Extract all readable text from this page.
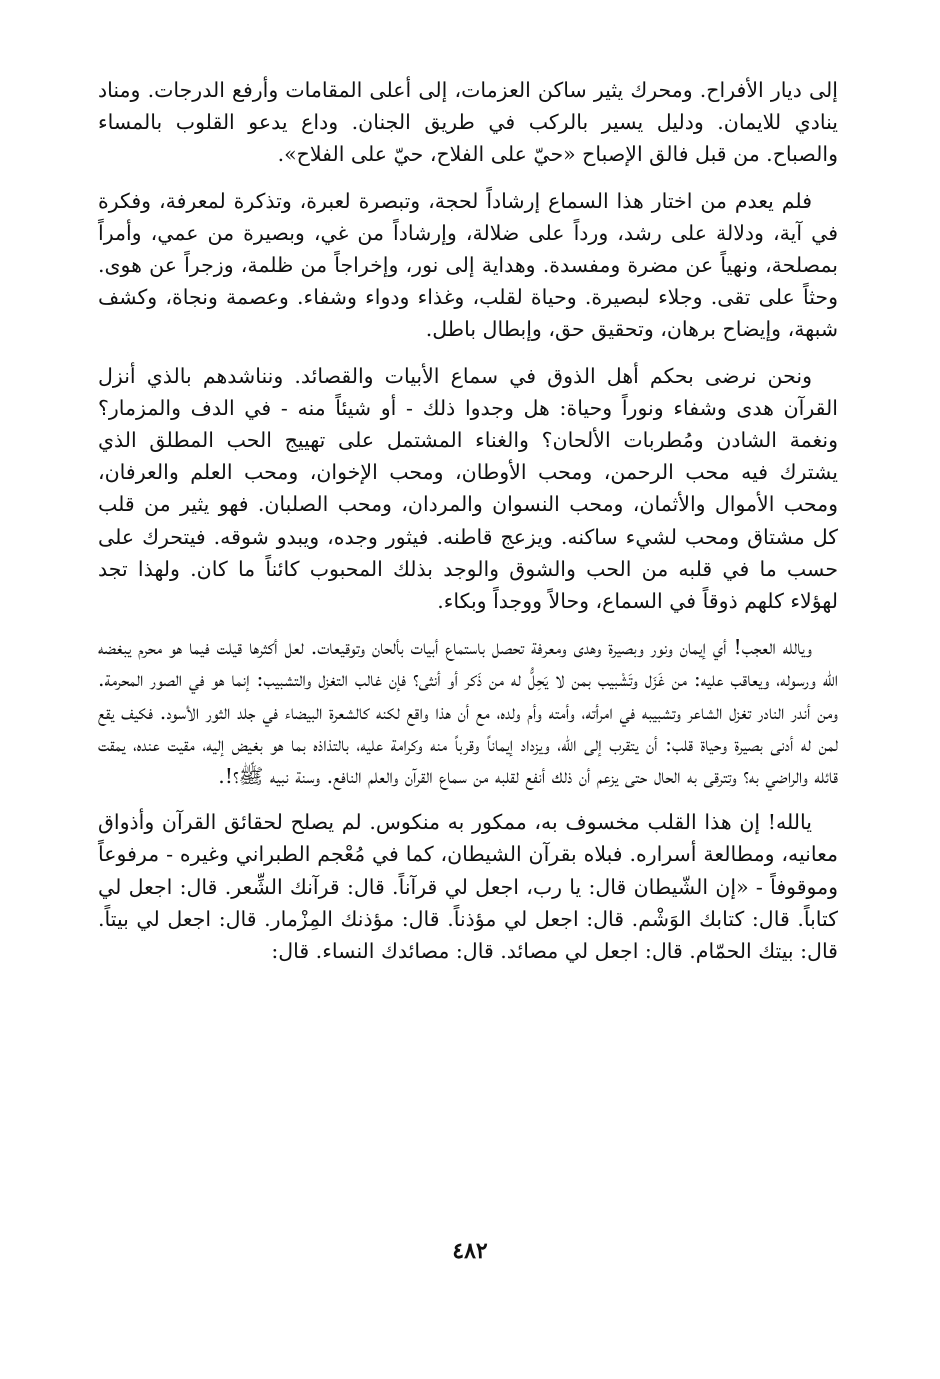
إلى ديار الأفراح. ومحرك يثير ساكن العزمات، إلى أعلى المقامات وأرفع الدرجات. ومناد ينادي للايمان. ودليل يسير بالركب في طريق الجنان. وداع يدعو القلوب بالمساء والصباح. من قبل فالق الإصباح «حيّ على الفلاح، حيّ على الفلاح».

فلم يعدم من اختار هذا السماع إرشاداً لحجة، وتبصرة لعبرة، وتذكرة لمعرفة، وفكرة في آية، ودلالة على رشد، ورداً على ضلالة، وإرشاداً من غي، وبصيرة من عمي، وأمراً بمصلحة، ونهياً عن مضرة ومفسدة. وهداية إلى نور، وإخراجاً من ظلمة، وزجراً عن هوى. وحثاً على تقى. وجلاء لبصيرة. وحياة لقلب، وغذاء ودواء وشفاء. وعصمة ونجاة، وكشف شبهة، وإيضاح برهان، وتحقيق حق، وإبطال باطل.

ونحن نرضى بحكم أهل الذوق في سماع الأبيات والقصائد. ونناشدهم بالذي أنزل القرآن هدى وشفاء ونوراً وحياة: هل وجدوا ذلك - أو شيئاً منه - في الدف والمزمار؟ ونغمة الشادن ومُطربات الألحان؟ والغناء المشتمل على تهييج الحب المطلق الذي يشترك فيه محب الرحمن، ومحب الأوطان، ومحب الإخوان، ومحب العلم والعرفان، ومحب الأموال والأثمان، ومحب النسوان والمردان، ومحب الصلبان. فهو يثير من قلب كل مشتاق ومحب لشيء ساكنه. ويزعج قاطنه. فيثور وجده، ويبدو شوقه. فيتحرك على حسب ما في قلبه من الحب والشوق والوجد بذلك المحبوب كائناً ما كان. ولهذا تجد لهؤلاء كلهم ذوقاً في السماع، وحالاً ووجداً وبكاء.

ويالله العجب! أي إيمان ونور وبصيرة وهدى ومعرفة تحصل باستماع أبيات بألحان وتوقيعات. لعل أكثرها قيلت فيما هو محرم يبغضه الله ورسوله، ويعاقب عليه: من غَزَل وتَشْبيب بمن لا يَحِلُّ له من ذَكر أو أنثى؟ فإن غالب التغزل والتشبيب: إنما هو في الصور المحرمة. ومن أندر النادر تغزل الشاعر وتشبيبه في امرأته، وأمته وأم ولده، مع أن هذا واقع لكنه كالشعرة البيضاء في جلد الثور الأسود. فكيف يقع لمن له أدنى بصيرة وحياة قلب: أن يتقرب إلى الله، ويزداد إيماناً وقرباً منه وكرامة عليه، بالتذاذه بما هو بغيض إليه، مقيت عنده، يمقت قائله والراضي به؟ وتترقى به الحال حتى يزعم أن ذلك أنفع لقلبه من سماع القرآن والعلم النافع. وسنة نبيه ﷺ؟!.

يالله! إن هذا القلب مخسوف به، ممكور به منكوس. لم يصلح لحقائق القرآن وأذواق معانيه، ومطالعة أسراره. فبلاه بقرآن الشيطان، كما في مُعْجم الطبراني وغيره - مرفوعاً وموقوفاً - «إن الشّيطان قال: يا رب، اجعل لي قرآناً. قال: قرآنك الشِّعر. قال: اجعل لي كتاباً. قال: كتابك الوَشْم. قال: اجعل لي مؤذناً. قال: مؤذنك المِزْمار. قال: اجعل لي بيتاً. قال: بيتك الحمّام. قال: اجعل لي مصائد. قال: مصائدك النساء. قال:

٤٨٢
